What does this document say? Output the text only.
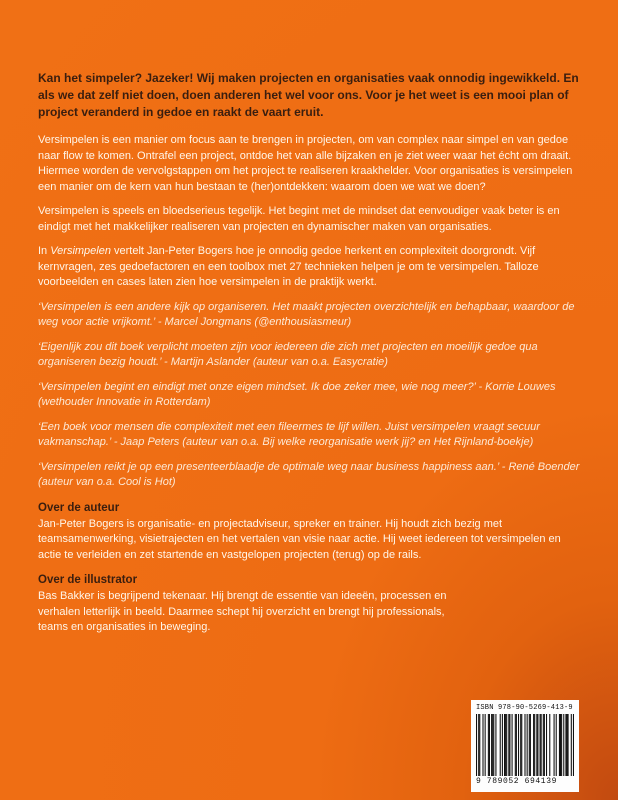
Kan het simpeler? Jazeker! Wij maken projecten en organisaties vaak onnodig ingewikkeld. En als we dat zelf niet doen, doen anderen het wel voor ons. Voor je het weet is een mooi plan of project veranderd in gedoe en raakt de vaart eruit.

Versimpelen is een manier om focus aan te brengen in projecten, om van complex naar simpel en van gedoe naar flow te komen. Ontrafel een project, ontdoe het van alle bijzaken en je ziet weer waar het écht om draait. Hiermee worden de vervolgstappen om het project te realiseren kraakhelder. Voor organisaties is versimpelen een manier om de kern van hun bestaan te (her)ontdekken: waarom doen we wat we doen?

Versimpelen is speels en bloedserieus tegelijk. Het begint met de mindset dat eenvoudiger vaak beter is en eindigt met het makkelijker realiseren van projecten en dynamischer maken van organisaties.

In Versimpelen vertelt Jan-Peter Bogers hoe je onnodig gedoe herkent en complexiteit doorgrondt. Vijf kernvragen, zes gedoefactoren en een toolbox met 27 technieken helpen je om te versimpelen. Talloze voorbeelden en cases laten zien hoe versimpelen in de praktijk werkt.

‘Versimpelen is een andere kijk op organiseren. Het maakt projecten overzichtelijk en behapbaar, waardoor de weg voor actie vrijkomt.’ - Marcel Jongmans (@enthousiasmeur)

‘Eigenlijk zou dit boek verplicht moeten zijn voor iedereen die zich met projecten en moeilijk gedoe qua organiseren bezig houdt.’ - Martijn Aslander (auteur van o.a. Easycratie)

‘Versimpelen begint en eindigt met onze eigen mindset. Ik doe zeker mee, wie nog meer?’ - Korrie Louwes (wethouder Innovatie in Rotterdam)

‘Een boek voor mensen die complexiteit met een fileermes te lijf willen. Juist versimpelen vraagt secuur vakmanschap.’ - Jaap Peters (auteur van o.a. Bij welke reorganisatie werk jij? en Het Rijnland-boekje)

‘Versimpelen reikt je op een presenteerblaadje de optimale weg naar business happiness aan.’ - René Boender (auteur van o.a. Cool is Hot)

Over de auteur

Jan-Peter Bogers is organisatie- en projectadviseur, spreker en trainer. Hij houdt zich bezig met teamsamenwerking, visietrajecten en het vertalen van visie naar actie. Hij weet iedereen tot versimpelen en actie te verleiden en zet startende en vastgelopen projecten (terug) op de rails.

Over de illustrator

Bas Bakker is begrijpend tekenaar. Hij brengt de essentie van ideeën, processen en verhalen letterlijk in beeld. Daarmee schept hij overzicht en brengt hij professionals, teams en organisaties in beweging.

ISBN 978-90-5269-413-9
9 789052 694139
